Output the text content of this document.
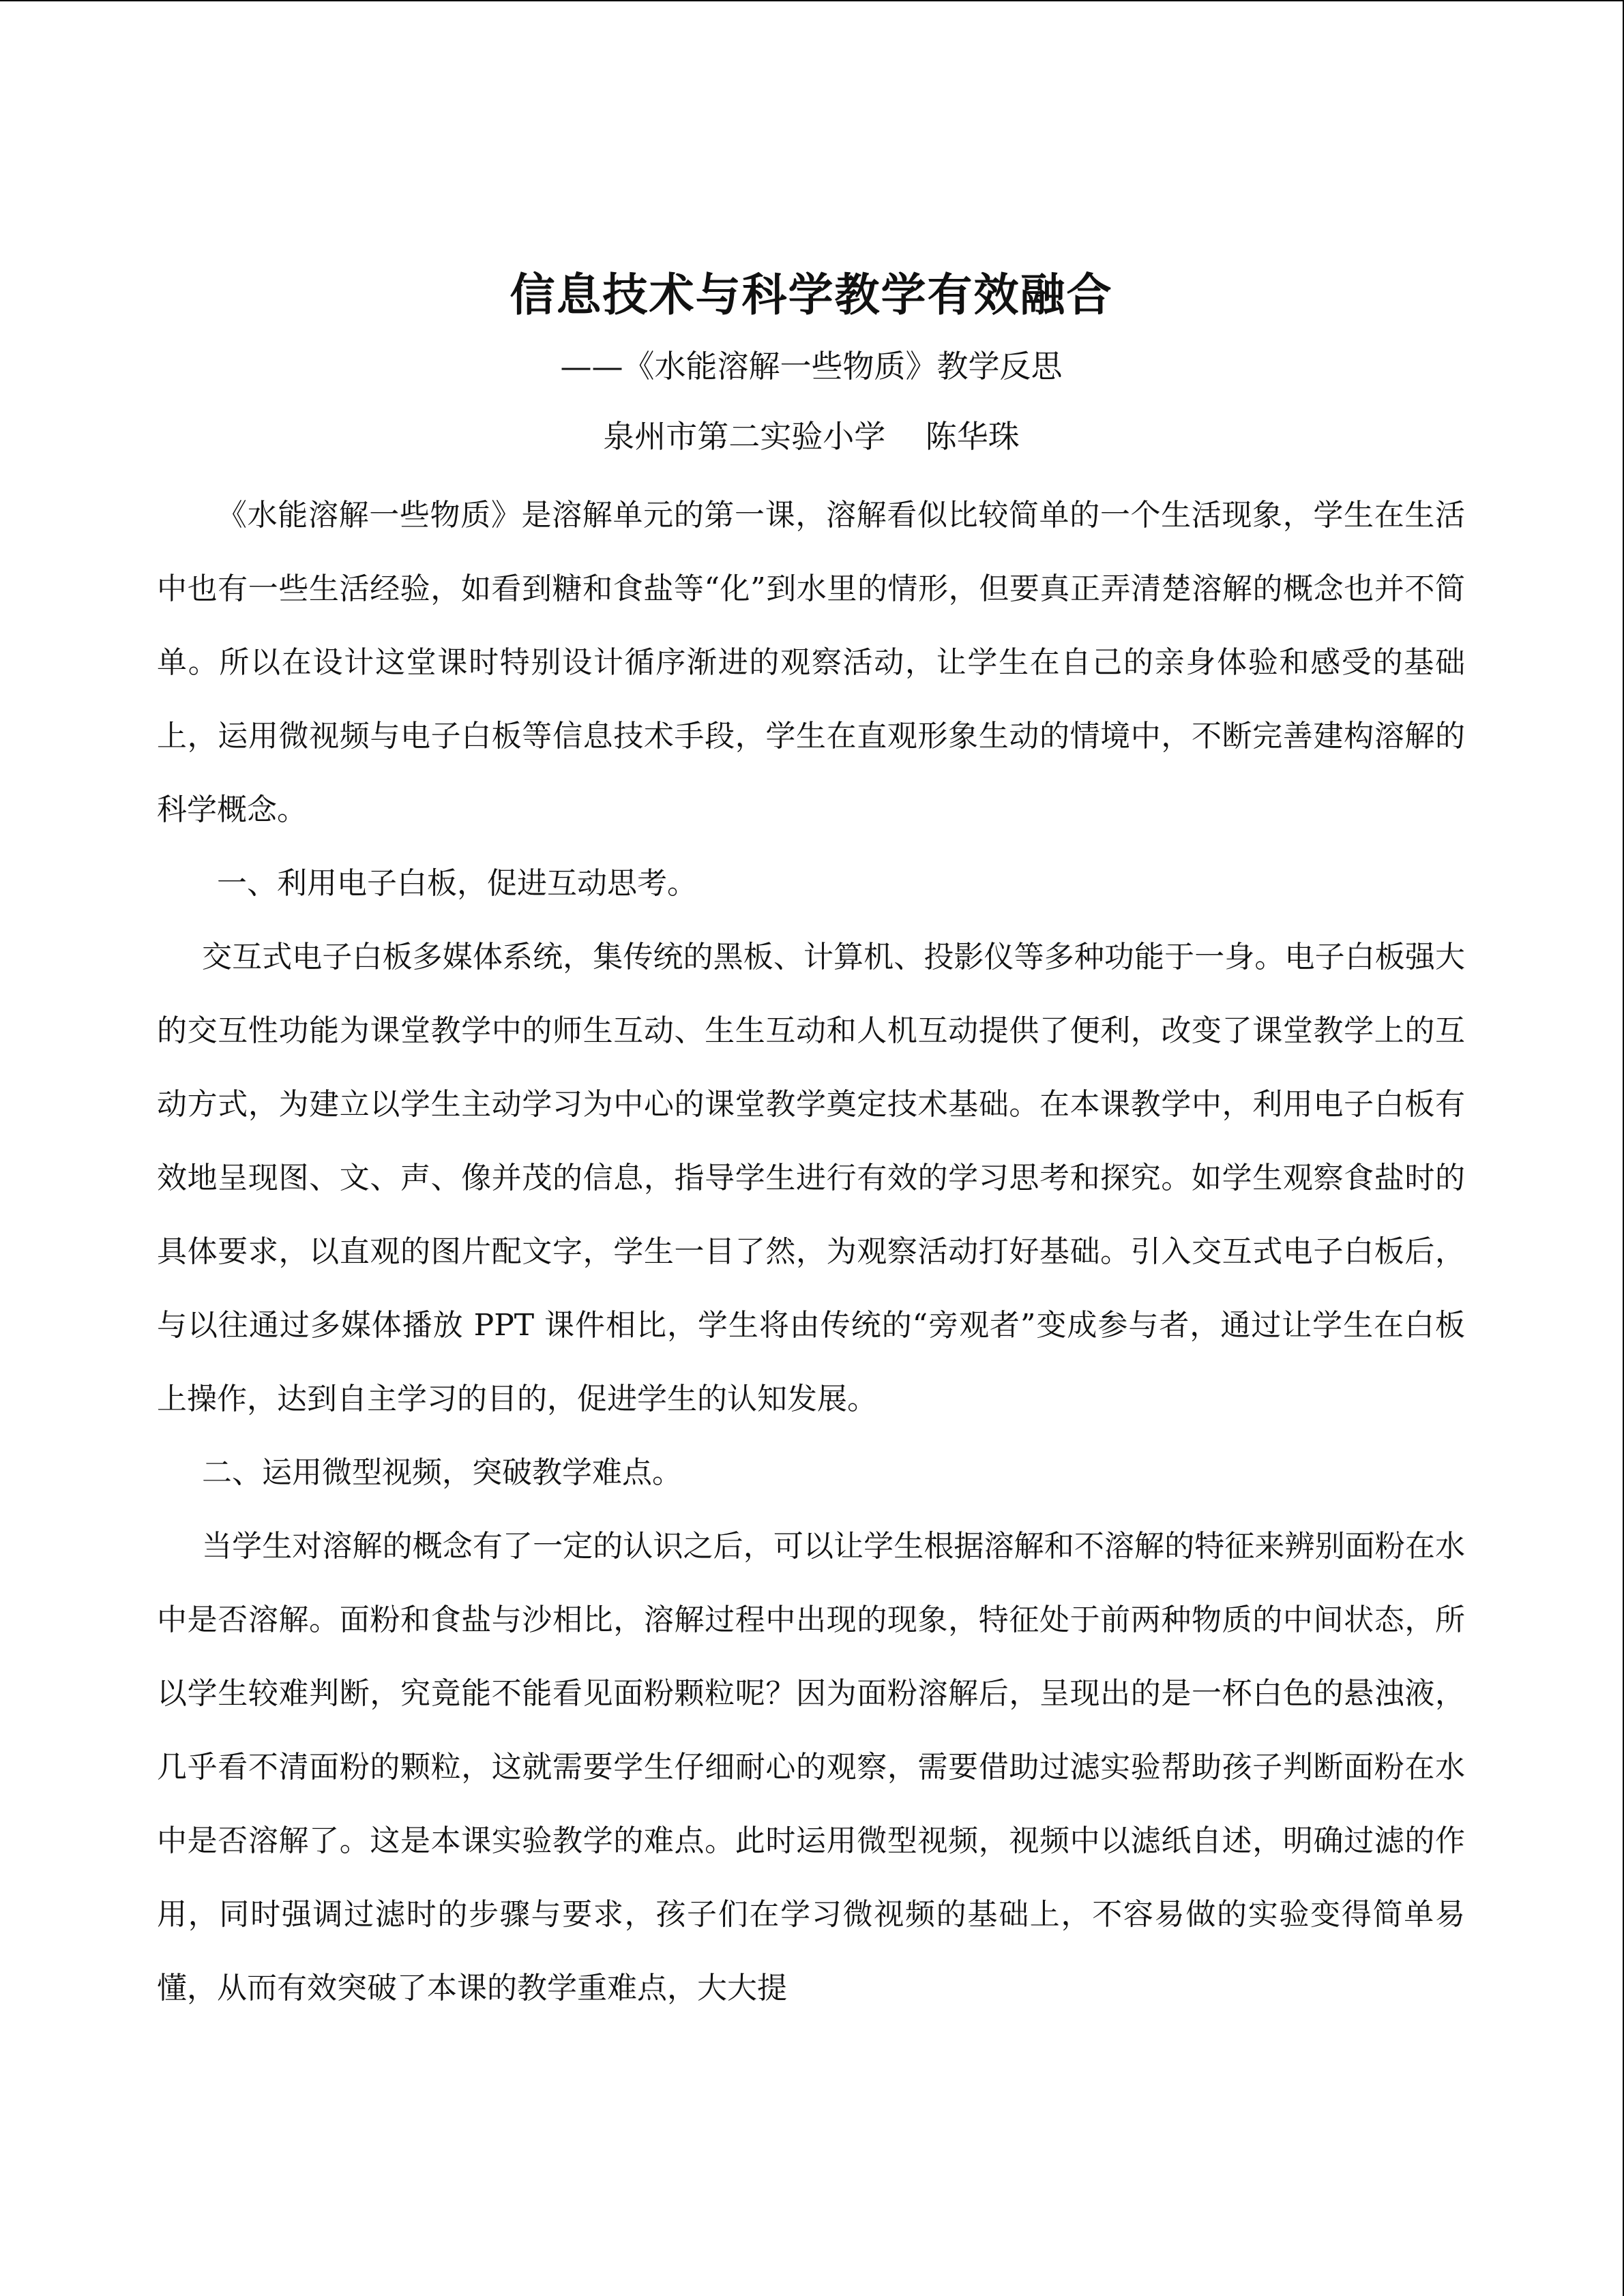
信息技术与科学教学有效融合
——《水能溶解一些物质》教学反思
泉州市第二实验小学    陈华珠

《水能溶解一些物质》是溶解单元的第一课，溶解看似比较简单的一个生活现象，学生在生活中也有一些生活经验，如看到糖和食盐等“化”到水里的情形，但要真正弄清楚溶解的概念也并不简单。所以在设计这堂课时特别设计循序渐进的观察活动，让学生在自己的亲身体验和感受的基础上，运用微视频与电子白板等信息技术手段，学生在直观形象生动的情境中，不断完善建构溶解的科学概念。

一、利用电子白板，促进互动思考。

交互式电子白板多媒体系统，集传统的黑板、计算机、投影仪等多种功能于一身。电子白板强大的交互性功能为课堂教学中的师生互动、生生互动和人机互动提供了便利，改变了课堂教学上的互动方式，为建立以学生主动学习为中心的课堂教学奠定技术基础。在本课教学中，利用电子白板有效地呈现图、文、声、像并茂的信息，指导学生进行有效的学习思考和探究。如学生观察食盐时的具体要求，以直观的图片配文字，学生一目了然，为观察活动打好基础。引入交互式电子白板后，与以往通过多媒体播放 PPT 课件相比，学生将由传统的“旁观者”变成参与者，通过让学生在白板上操作，达到自主学习的目的，促进学生的认知发展。

二、运用微型视频，突破教学难点。

当学生对溶解的概念有了一定的认识之后，可以让学生根据溶解和不溶解的特征来辨别面粉在水中是否溶解。面粉和食盐与沙相比，溶解过程中出现的现象，特征处于前两种物质的中间状态，所以学生较难判断，究竟能不能看见面粉颗粒呢？因为面粉溶解后，呈现出的是一杯白色的悬浊液，几乎看不清面粉的颗粒，这就需要学生仔细耐心的观察，需要借助过滤实验帮助孩子判断面粉在水中是否溶解了。这是本课实验教学的难点。此时运用微型视频，视频中以滤纸自述，明确过滤的作用，同时强调过滤时的步骤与要求，孩子们在学习微视频的基础上，不容易做的实验变得简单易懂，从而有效突破了本课的教学重难点，大大提
